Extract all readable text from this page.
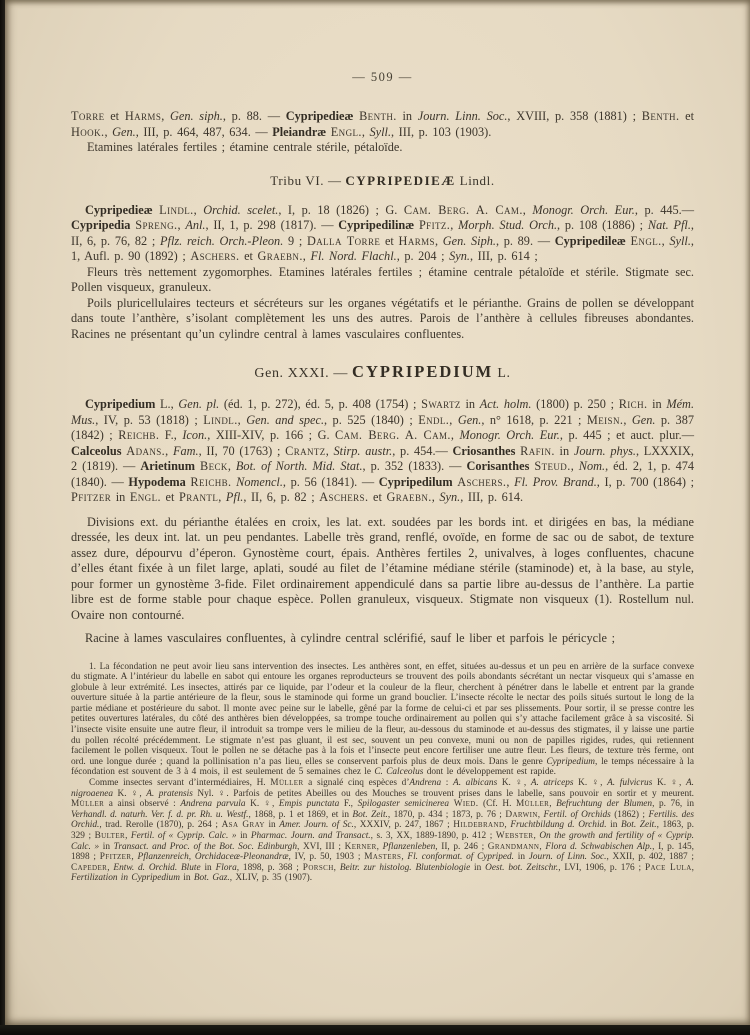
— 509 —

Torre et Harms, Gen. siph., p. 88. — Cypripedieæ Benth. in Journ. Linn. Soc., XVIII, p. 358 (1881) ; Benth. et Hook., Gen., III, p. 464, 487, 634. — Pleiandræ Engl., Syll., III, p. 103 (1903).

Etamines latérales fertiles ; étamine centrale stérile, pétaloïde.

Tribu VI. — CYPRIPEDIEÆ Lindl.

Cypripedieæ Lindl., Orchid. scelet., I, p. 18 (1826) ; G. Cam. Berg. A. Cam., Monogr. Orch. Eur., p. 445.— Cypripedia Spreng., Anl., II, 1, p. 298 (1817). — Cypripedilinæ Pfitz., Morph. Stud. Orch., p. 108 (1886) ; Nat. Pfl., II, 6, p. 76, 82 ; Pflz. reich. Orch.-Pleon. 9 ; Dalla Torre et Harms, Gen. Siph., p. 89. — Cypripedileæ Engl., Syll., 1, Aufl. p. 90 (1892) ; Aschers. et Graebn., Fl. Nord. Flachl., p. 204 ; Syn., III, p. 614 ;

Fleurs très nettement zygomorphes. Etamines latérales fertiles ; étamine centrale pétaloïde et stérile. Stigmate sec. Pollen visqueux, granuleux.

Poils pluricellulaires tecteurs et sécréteurs sur les organes végétatifs et le périanthe. Grains de pollen se développant dans toute l’anthère, s’isolant complètement les uns des autres. Parois de l’anthère à cellules fibreuses abondantes. Racines ne présentant qu’un cylindre central à lames vasculaires confluentes.

Gen. XXXI. — CYPRIPEDIUM L.

Cypripedium L., Gen. pl. (éd. 1, p. 272), éd. 5, p. 408 (1754) ; Swartz in Act. holm. (1800) p. 250 ; Rich. in Mém. Mus., IV, p. 53 (1818) ; Lindl., Gen. and spec., p. 525 (1840) ; Endl., Gen., n° 1618, p. 221 ; Meisn., Gen. p. 387 (1842) ; Reichb. F., Icon., XIII-XIV, p. 166 ; G. Cam. Berg. A. Cam., Monogr. Orch. Eur., p. 445 ; et auct. plur.—Calceolus Adans., Fam., II, 70 (1763) ; Crantz, Stirp. austr., p. 454.— Criosanthes Rafin. in Journ. phys., LXXXIX, 2 (1819). — Arietinum Beck, Bot. of North. Mid. Stat., p. 352 (1833). — Corisanthes Steud., Nom., éd. 2, 1, p. 474 (1840). — Hypodema Reichb. Nomencl., p. 56 (1841). — Cypripedilum Aschers., Fl. Prov. Brand., I, p. 700 (1864) ; Pfitzer in Engl. et Prantl, Pfl., II, 6, p. 82 ; Aschers. et Graebn., Syn., III, p. 614.

Divisions ext. du périanthe étalées en croix, les lat. ext. soudées par les bords int. et dirigées en bas, la médiane dressée, les deux int. lat. un peu pendantes. Labelle très grand, renflé, ovoïde, en forme de sac ou de sabot, de texture assez dure, dépourvu d’éperon. Gynostème court, épais. Anthères fertiles 2, univalves, à loges confluentes, chacune d’elles étant fixée à un filet large, aplati, soudé au filet de l’étamine médiane stérile (staminode) et, à la base, au style, pour former un gynostème 3-fide. Filet ordinairement appendiculé dans sa partie libre au-dessus de l’anthère. La partie libre est de forme stable pour chaque espèce. Pollen granuleux, visqueux. Stigmate non visqueux (1). Rostellum nul. Ovaire non contourné.

Racine à lames vasculaires confluentes, à cylindre central sclérifié, sauf le liber et parfois le péricycle ;

1. La fécondation ne peut avoir lieu sans intervention des insectes. Les anthères sont, en effet, situées au-dessus et un peu en arrière de la surface convexe du stigmate. A l’intérieur du labelle en sabot qui entoure les organes reproducteurs se trouvent des poils abondants sécrétant un nectar visqueux qui s’amasse en globule à leur extrémité. Les insectes, attirés par ce liquide, par l’odeur et la couleur de la fleur, cherchent à pénétrer dans le labelle et entrent par la grande ouverture située à la partie antérieure de la fleur, sous le staminode qui forme un grand bouclier. L’insecte récolte le nectar des poils situés surtout le long de la partie médiane et postérieure du sabot. Il monte avec peine sur le labelle, gêné par la forme de celui-ci et par ses plissements. Pour sortir, il se presse contre les petites ouvertures latérales, du côté des anthères bien développées, sa trompe touche ordinairement au pollen qui s’y attache facilement grâce à sa viscosité. Si l’insecte visite ensuite une autre fleur, il introduit sa trompe vers le milieu de la fleur, au-dessous du staminode et au-dessus des stigmates, il y laisse une partie du pollen récolté précédemment. Le stigmate n’est pas gluant, il est sec, souvent un peu convexe, muni ou non de papilles rigides, rudes, qui retiennent facilement le pollen visqueux. Tout le pollen ne se détache pas à la fois et l’insecte peut encore fertiliser une autre fleur. Les fleurs, de texture très ferme, ont ord. une longue durée ; quand la pollinisation n’a pas lieu, elles se conservent parfois plus de deux mois. Dans le genre Cypripedium, le temps nécessaire à la fécondation est souvent de 3 à 4 mois, il est seulement de 5 semaines chez le C. Calceolus dont le développement est rapide.

Comme insectes servant d’intermédiaires, H. Müller a signalé cinq espèces d’Andrena : A. albicans K. ♀, A. atriceps K. ♀, A. fulvicrus K. ♀, A. nigroaenea K. ♀, A. pratensis Nyl. ♀. Parfois de petites Abeilles ou des Mouches se trouvent prises dans le labelle, sans pouvoir en sortir et y meurent. Müller a ainsi observé : Andrena parvula K. ♀, Empis punctata F., Spilogaster semicinerea Wied. (Cf. H. Müller, Befruchtung der Blumen, p. 76, in Verhandl. d. naturh. Ver. f. d. pr. Rh. u. Westf., 1868, p. 1 et 1869, et in Bot. Zeit., 1870, p. 434 ; 1873, p. 76 ; Darwin, Fertil. of Orchids (1862) ; Fertilis. des Orchid., trad. Rerolle (1870), p. 264 ; Asa Gray in Amer. Journ. of Sc., XXXIV, p. 247, 1867 ; Hildebrand, Fruchtbildung d. Orchid. in Bot. Zeit., 1863, p. 329 ; Bulter, Fertil. of « Cyprip. Calc. » in Pharmac. Journ. and Transact., s. 3, XX, 1889-1890, p. 412 ; Webster, On the growth and fertility of « Cyprip. Calc. » in Transact. and Proc. of the Bot. Soc. Edinburgh, XVI, III ; Kerner, Pflanzenleben, II, p. 246 ; Grandmann, Flora d. Schwabischen Alp., I, p. 145, 1898 ; Pfitzer, Pflanzenreich, Orchidaceæ-Pleonandræ, IV, p. 50, 1903 ; Masters, Fl. conformat. of Cypriped. in Journ. of Linn. Soc., XXII, p. 402, 1887 ; Capeder, Entw. d. Orchid. Blute in Flora, 1898, p. 368 ; Porsch, Beitr. zur histolog. Blutenbiologie in Oest. bot. Zeitschr., LVI, 1906, p. 176 ; Pace Lula, Fertilization in Cypripedium in Bot. Gaz., XLIV, p. 35 (1907).
